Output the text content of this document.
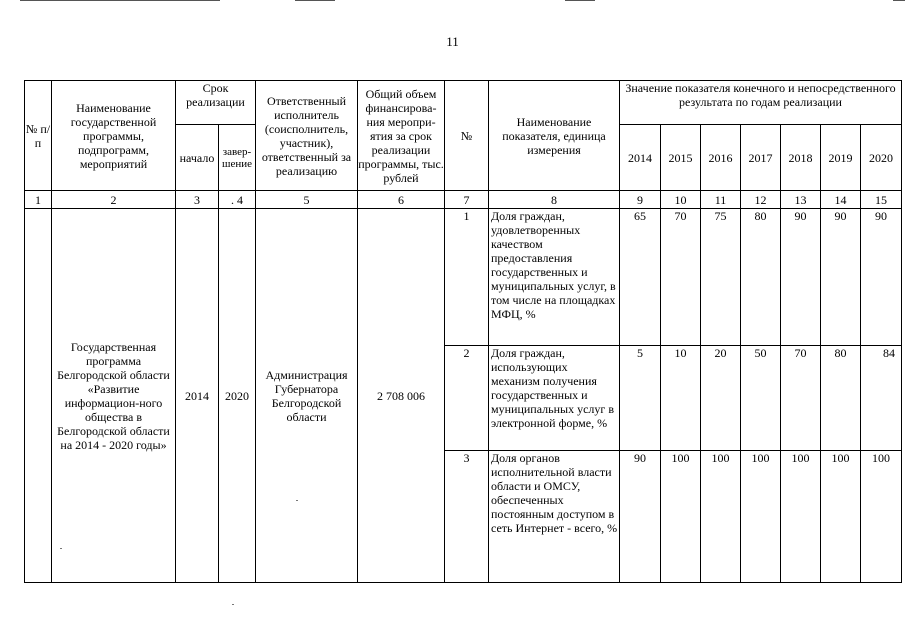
11
№ п/п	Наименование государственной программы, подпрограмм, мероприятий	Срок реализации		Ответственный исполнитель (соисполнитель, участник), ответственный за реализацию	Общий объем финансирова-ния меропри-ятия за срок реализации программы, тыс. рублей	№	Наименование показателя, единица измерения	Значение показателя конечного и непосредственного результата по годам реализации						
		начало	завер-шение					2014	2015	2016	2017	2018	2019	2020
1	2	3	. 4	5	6	7	8	9	10	11	12	13	14	15
	Государственная программа Белгородской области «Развитие информацион-ного общества в Белгородской области на 2014 - 2020 годы»	2014	2020	Администрация Губернатора Белгородской области	2 708 006	1	Доля граждан, удовлетворенных качеством предоставления государственных и муниципальных услуг, в том числе на площадках МФЦ, %	65	70	75	80	90	90	90
						2	Доля граждан, использующих механизм получения государственных и муниципальных услуг в электронной форме, %	5	10	20	50	70	80	84
						3	Доля органов исполнительной власти области и ОМСУ, обеспеченных постоянным доступом в сеть Интернет - всего, %	90	100	100	100	100	100	100
